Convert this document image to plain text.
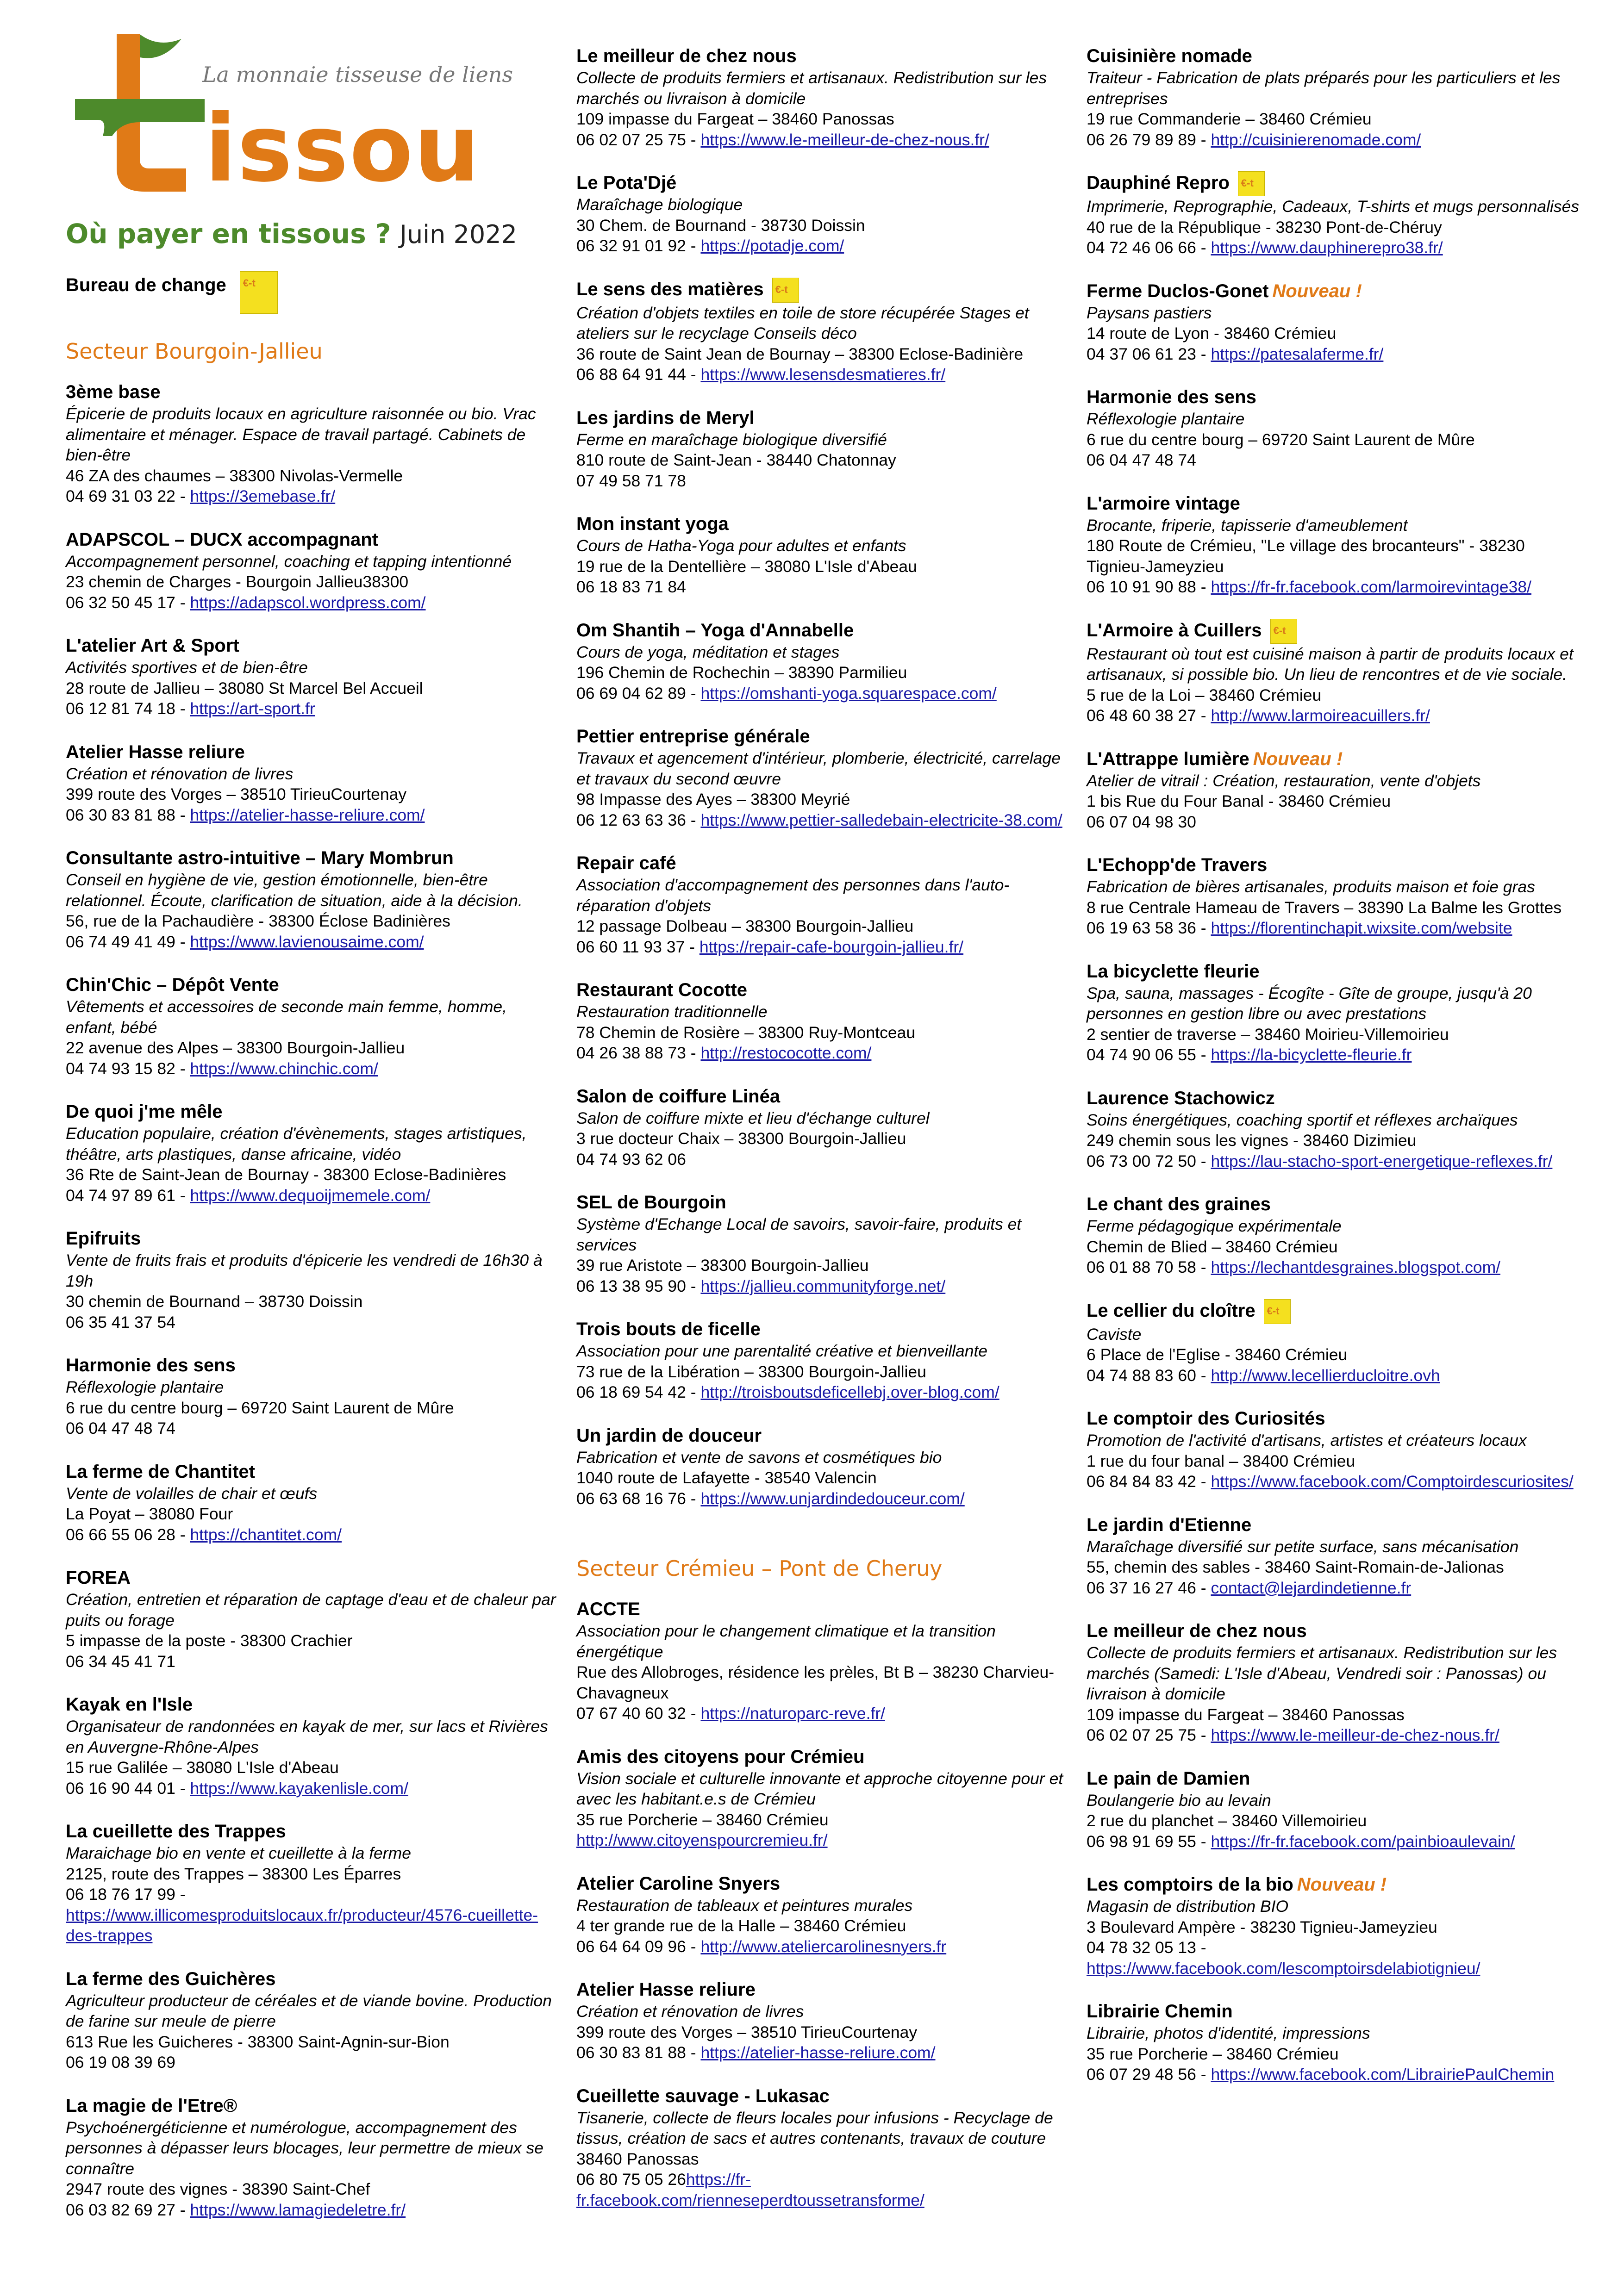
La monnaie tisseuse de liens
issou
Où payer en tissous ? Juin 2022
Bureau de change €-t
Secteur Bourgoin-Jallieu
3ème base
Épicerie de produits locaux en agriculture raisonnée ou bio. Vrac alimentaire et ménager. Espace de travail partagé. Cabinets de bien-être
46 ZA des chaumes – 38300 Nivolas-Vermelle
04 69 31 03 22 - https://3emebase.fr/
ADAPSCOL – DUCX accompagnant
Accompagnement personnel, coaching et tapping intentionné
23 chemin de Charges - Bourgoin Jallieu38300
06 32 50 45 17 - https://adapscol.wordpress.com/
L'atelier Art & Sport
Activités sportives et de bien-être
28 route de Jallieu – 38080 St Marcel Bel Accueil
06 12 81 74 18 - https://art-sport.fr
Atelier Hasse reliure
Création et rénovation de livres
399 route des Vorges – 38510 TirieuCourtenay
06 30 83 81 88 - https://atelier-hasse-reliure.com/
Consultante astro-intuitive – Mary Mombrun
Conseil en hygiène de vie, gestion émotionnelle, bien-être relationnel. Écoute, clarification de situation, aide à la décision.
56, rue de la Pachaudière - 38300 Éclose Badinières
06 74 49 41 49 - https://www.lavienousaime.com/
Chin'Chic – Dépôt Vente
Vêtements et accessoires de seconde main femme, homme, enfant, bébé
22 avenue des Alpes – 38300 Bourgoin-Jallieu
04 74 93 15 82 - https://www.chinchic.com/
De quoi j'me mêle
Education populaire, création d'évènements, stages artistiques, théâtre, arts plastiques, danse africaine, vidéo
36 Rte de Saint-Jean de Bournay - 38300 Eclose-Badinières
04 74 97 89 61 - https://www.dequoijmemele.com/
Epifruits
Vente de fruits frais et produits d'épicerie les vendredi de 16h30 à 19h
30 chemin de Bournand – 38730 Doissin
06 35 41 37 54
Harmonie des sens
Réflexologie plantaire
6 rue du centre bourg – 69720 Saint Laurent de Mûre
06 04 47 48 74
La ferme de Chantitet
Vente de volailles de chair et œufs
La Poyat – 38080 Four
06 66 55 06 28 - https://chantitet.com/
FOREA
Création, entretien et réparation de captage d'eau et de chaleur par puits ou forage
5 impasse de la poste - 38300 Crachier
06 34 45 41 71
Kayak en l'Isle
Organisateur de randonnées en kayak de mer, sur lacs et Rivières en Auvergne-Rhône-Alpes
15 rue Galilée – 38080 L'Isle d'Abeau
06 16 90 44 01 - https://www.kayakenlisle.com/
La cueillette des Trappes
Maraichage bio en vente et cueillette à la ferme
2125, route des Trappes – 38300 Les Éparres
06 18 76 17 99 - https://www.illicomesproduitslocaux.fr/producteur/4576-cueillette-des-trappes
La ferme des Guichères
Agriculteur producteur de céréales et de viande bovine. Production de farine sur meule de pierre
613 Rue les Guicheres - 38300 Saint-Agnin-sur-Bion
06 19 08 39 69
La magie de l'Etre®
Psychoénergéticienne et numérologue, accompagnement des personnes à dépasser leurs blocages, leur permettre de mieux se connaître
2947 route des vignes - 38390 Saint-Chef
06 03 82 69 27 - https://www.lamagiedeletre.fr/
Le meilleur de chez nous
Collecte de produits fermiers et artisanaux. Redistribution sur les marchés ou livraison à domicile
109 impasse du Fargeat – 38460 Panossas
06 02 07 25 75 - https://www.le-meilleur-de-chez-nous.fr/
Le Pota'Djé
Maraîchage biologique
30 Chem. de Bournand - 38730 Doissin
06 32 91 01 92 - https://potadje.com/
Le sens des matières€-t
Création d'objets textiles en toile de store récupérée Stages et ateliers sur le recyclage Conseils déco
36 route de Saint Jean de Bournay – 38300 Eclose-Badinière
06 88 64 91 44 - https://www.lesensdesmatieres.fr/
Les jardins de Meryl
Ferme en maraîchage biologique diversifié
810 route de Saint-Jean - 38440 Chatonnay
07 49 58 71 78
Mon instant yoga
Cours de Hatha-Yoga pour adultes et enfants
19 rue de la Dentellière – 38080 L'Isle d'Abeau
06 18 83 71 84
Om Shantih – Yoga d'Annabelle
Cours de yoga, méditation et stages
196 Chemin de Rochechin – 38390 Parmilieu
06 69 04 62 89 - https://omshanti-yoga.squarespace.com/
Pettier entreprise générale
Travaux et agencement d'intérieur, plomberie, électricité, carrelage et travaux du second œuvre
98 Impasse des Ayes – 38300 Meyrié
06 12 63 63 36 - https://www.pettier-salledebain-electricite-38.com/
Repair café
Association d'accompagnement des personnes dans l'auto-réparation d'objets
12 passage Dolbeau – 38300 Bourgoin-Jallieu
06 60 11 93 37 - https://repair-cafe-bourgoin-jallieu.fr/
Restaurant Cocotte
Restauration traditionnelle
78 Chemin de Rosière – 38300 Ruy-Montceau
04 26 38 88 73 - http://restococotte.com/
Salon de coiffure Linéa
Salon de coiffure mixte et lieu d'échange culturel
3 rue docteur Chaix – 38300 Bourgoin-Jallieu
04 74 93 62 06
SEL de Bourgoin
Système d'Echange Local de savoirs, savoir-faire, produits et services
39 rue Aristote – 38300 Bourgoin-Jallieu
06 13 38 95 90 - https://jallieu.communityforge.net/
Trois bouts de ficelle
Association pour une parentalité créative et bienveillante
73 rue de la Libération – 38300 Bourgoin-Jallieu
06 18 69 54 42 - http://troisboutsdeficellebj.over-blog.com/
Un jardin de douceur
Fabrication et vente de savons et cosmétiques bio
1040 route de Lafayette - 38540 Valencin
06 63 68 16 76 - https://www.unjardindedouceur.com/
Secteur Crémieu – Pont de Cheruy
ACCTE
Association pour le changement climatique et la transition énergétique
Rue des Allobroges, résidence les prèles, Bt B – 38230 Charvieu-Chavagneux
07 67 40 60 32 - https://naturoparc-reve.fr/
Amis des citoyens pour Crémieu
Vision sociale et culturelle innovante et approche citoyenne pour et avec les habitant.e.s de Crémieu
35 rue Porcherie – 38460 Crémieu
http://www.citoyenspourcremieu.fr/
Atelier Caroline Snyers
Restauration de tableaux et peintures murales
4 ter grande rue de la Halle – 38460 Crémieu
06 64 64 09 96 - http://www.ateliercarolinesnyers.fr
Atelier Hasse reliure
Création et rénovation de livres
399 route des Vorges – 38510 TirieuCourtenay
06 30 83 81 88 - https://atelier-hasse-reliure.com/
Cueillette sauvage - Lukasac
Tisanerie, collecte de fleurs locales pour infusions - Recyclage de tissus, création de sacs et autres contenants, travaux de couture
38460 Panossas
06 80 75 05 26https://fr-fr.facebook.com/rienneseperdtoussetransforme/
Cuisinière nomade
Traiteur - Fabrication de plats préparés pour les particuliers et les entreprises
19 rue Commanderie – 38460 Crémieu
06 26 79 89 89 - http://cuisinierenomade.com/
Dauphiné Repro€-t
Imprimerie, Reprographie, Cadeaux, T-shirts et mugs personnalisés
40 rue de la République - 38230 Pont-de-Chéruy
04 72 46 06 66 - https://www.dauphinerepro38.fr/
Ferme Duclos-Gonet Nouveau !
Paysans pastiers
14 route de Lyon - 38460 Crémieu
04 37 06 61 23 - https://patesalaferme.fr/
Harmonie des sens
Réflexologie plantaire
6 rue du centre bourg – 69720 Saint Laurent de Mûre
06 04 47 48 74
L'armoire vintage
Brocante, friperie, tapisserie d'ameublement
180 Route de Crémieu, "Le village des brocanteurs" - 38230 Tignieu-Jameyzieu
06 10 91 90 88 - https://fr-fr.facebook.com/larmoirevintage38/
L'Armoire à Cuillers€-t
Restaurant où tout est cuisiné maison à partir de produits locaux et artisanaux, si possible bio. Un lieu de rencontres et de vie sociale.
5 rue de la Loi – 38460 Crémieu
06 48 60 38 27 - http://www.larmoireacuillers.fr/
L'Attrappe lumière Nouveau !
Atelier de vitrail : Création, restauration, vente d'objets
1 bis Rue du Four Banal - 38460 Crémieu
06 07 04 98 30
L'Echopp'de Travers
Fabrication de bières artisanales, produits maison et foie gras
8 rue Centrale Hameau de Travers – 38390 La Balme les Grottes
06 19 63 58 36 - https://florentinchapit.wixsite.com/website
La bicyclette fleurie
Spa, sauna, massages - Écogîte - Gîte de groupe, jusqu'à 20 personnes en gestion libre ou avec prestations
2 sentier de traverse – 38460 Moirieu-Villemoirieu
04 74 90 06 55 - https://la-bicyclette-fleurie.fr
Laurence Stachowicz
Soins énergétiques, coaching sportif et réflexes archaïques
249 chemin sous les vignes - 38460 Dizimieu
06 73 00 72 50 - https://lau-stacho-sport-energetique-reflexes.fr/
Le chant des graines
Ferme pédagogique expérimentale
Chemin de Blied – 38460 Crémieu
06 01 88 70 58 - https://lechantdesgraines.blogspot.com/
Le cellier du cloître€-t
Caviste
6 Place de l'Eglise - 38460 Crémieu
04 74 88 83 60 - http://www.lecellierducloitre.ovh
Le comptoir des Curiosités
Promotion de l'activité d'artisans, artistes et créateurs locaux
1 rue du four banal – 38400 Crémieu
06 84 84 83 42 - https://www.facebook.com/Comptoirdescuriosites/
Le jardin d'Etienne
Maraîchage diversifié sur petite surface, sans mécanisation
55, chemin des sables - 38460 Saint-Romain-de-Jalionas
06 37 16 27 46 - contact@lejardindetienne.fr
Le meilleur de chez nous
Collecte de produits fermiers et artisanaux. Redistribution sur les marchés (Samedi: L'Isle d'Abeau, Vendredi soir : Panossas) ou livraison à domicile
109 impasse du Fargeat – 38460 Panossas
06 02 07 25 75 - https://www.le-meilleur-de-chez-nous.fr/
Le pain de Damien
Boulangerie bio au levain
2 rue du planchet – 38460 Villemoirieu
06 98 91 69 55 - https://fr-fr.facebook.com/painbioaulevain/
Les comptoirs de la bio Nouveau !
Magasin de distribution BIO
3 Boulevard Ampère - 38230 Tignieu-Jameyzieu
04 78 32 05 13 - https://www.facebook.com/lescomptoirsdelabiotignieu/
Librairie Chemin
Librairie, photos d'identité, impressions
35 rue Porcherie – 38460 Crémieu
06 07 29 48 56 - https://www.facebook.com/LibrairiePaulChemin
